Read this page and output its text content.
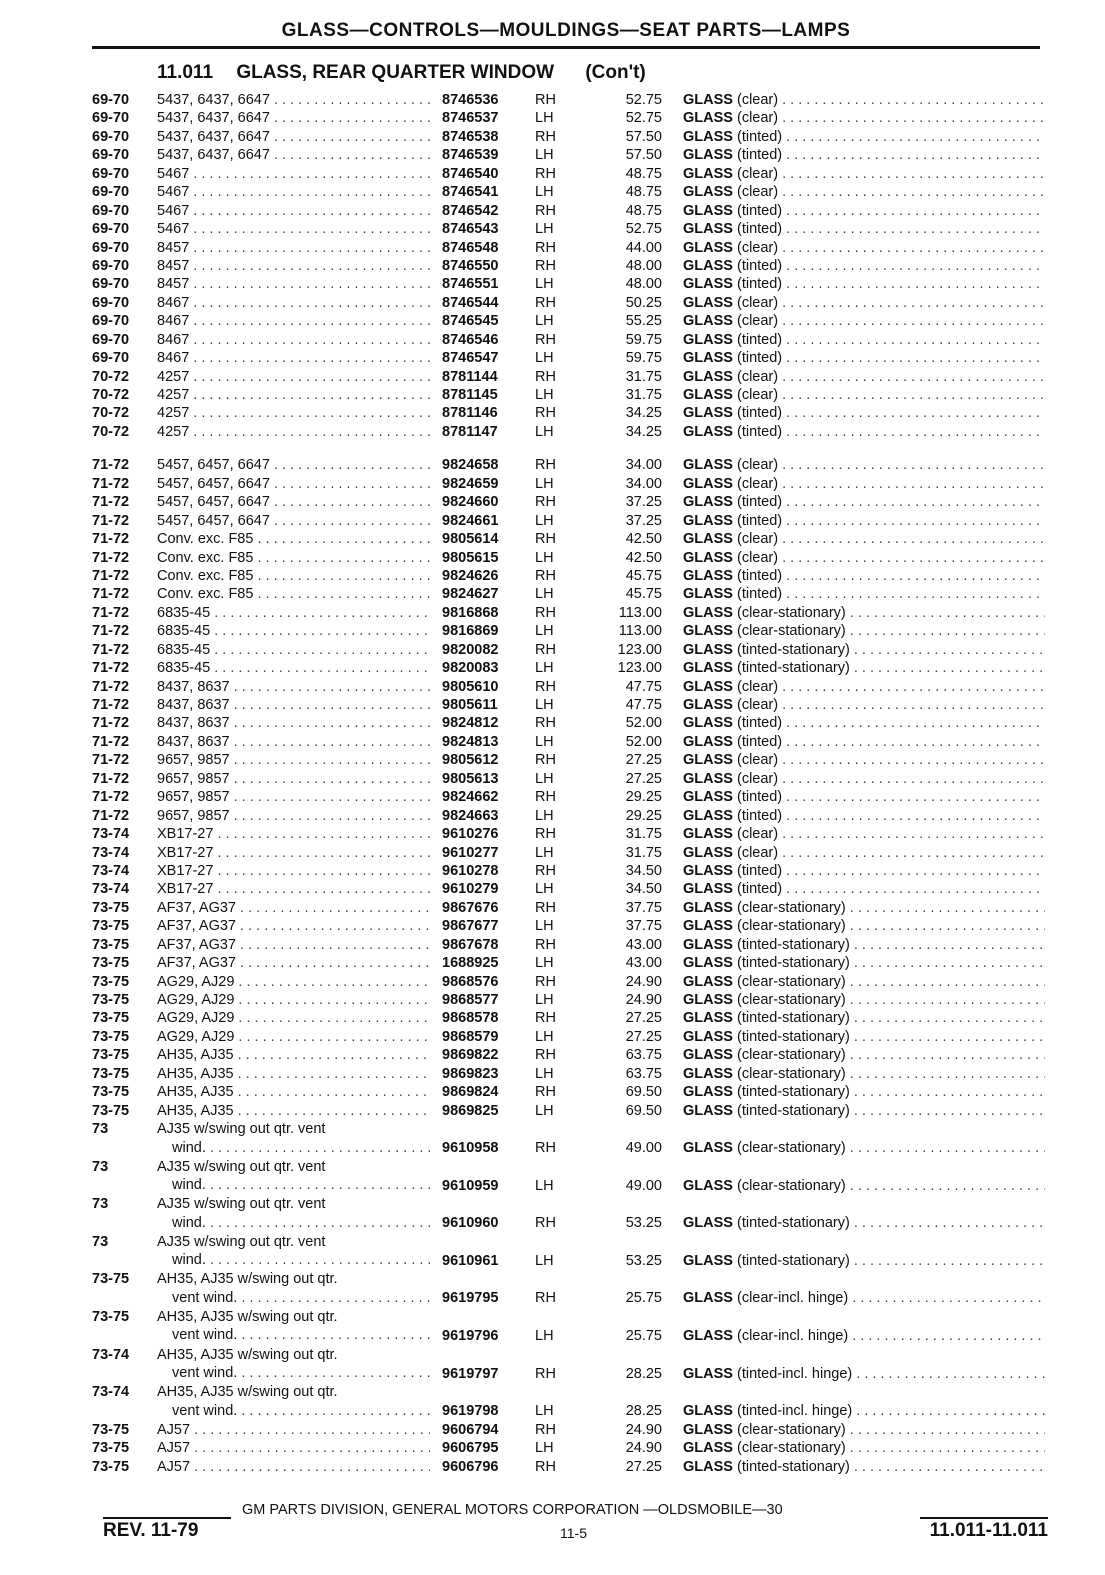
GLASS—CONTROLS—MOULDINGS—SEAT PARTS—LAMPS
11.011 GLASS, REAR QUARTER WINDOW (Con't)
69-70 5437, 6437, 6647 . . .	8746536	RH	52.75 GLASS (clear) . . .
69-70 5437, 6437, 6647 . . .	8746537	LH	52.75 GLASS (clear) . . .
69-70 5437, 6437, 6647 . . .	8746538	RH	57.50 GLASS (tinted) . . .
69-70 5437, 6437, 6647 . . .	8746539	LH	57.50 GLASS (tinted) . . .
69-70 5467 . . .	8746540	RH	48.75 GLASS (clear) . . .
69-70 5467 . . .	8746541	LH	48.75 GLASS (clear) . . .
69-70 5467 . . .	8746542	RH	48.75 GLASS (tinted) . . .
69-70 5467 . . .	8746543	LH	52.75 GLASS (tinted) . . .
69-70 8457 . . .	8746548	RH	44.00 GLASS (clear) . . .
69-70 8457 . . .	8746550	RH	48.00 GLASS (tinted) . . .
69-70 8457 . . .	8746551	LH	48.00 GLASS (tinted) . . .
69-70 8467 . . .	8746544	RH	50.25 GLASS (clear) . . .
69-70 8467 . . .	8746545	LH	55.25 GLASS (clear) . . .
69-70 8467 . . .	8746546	RH	59.75 GLASS (tinted) . . .
69-70 8467 . . .	8746547	LH	59.75 GLASS (tinted) . . .
70-72 4257 . . .	8781144	RH	31.75 GLASS (clear) . . .
70-72 4257 . . .	8781145	LH	31.75 GLASS (clear) . . .
70-72 4257 . . .	8781146	RH	34.25 GLASS (tinted) . . .
70-72 4257 . . .	8781147	LH	34.25 GLASS (tinted) . . .
71-72 5457, 6457, 6647 . . .	9824658	RH	34.00 GLASS (clear) . . .
71-72 5457, 6457, 6647 . . .	9824659	LH	34.00 GLASS (clear) . . .
71-72 5457, 6457, 6647 . . .	9824660	RH	37.25 GLASS (tinted) . . .
71-72 5457, 6457, 6647 . . .	9824661	LH	37.25 GLASS (tinted) . . .
71-72 Conv. exc. F85 . . .	9805614	RH	42.50 GLASS (clear) . . .
71-72 Conv. exc. F85 . . .	9805615	LH	42.50 GLASS (clear) . . .
71-72 Conv. exc. F85 . . .	9824626	RH	45.75 GLASS (tinted) . . .
71-72 Conv. exc. F85 . . .	9824627	LH	45.75 GLASS (tinted) . . .
71-72 6835-45 . . .	9816868	RH	113.00 GLASS (clear-stationary) . . .
71-72 6835-45 . . .	9816869	LH	113.00 GLASS (clear-stationary) . . .
71-72 6835-45 . . .	9820082	RH	123.00 GLASS (tinted-stationary) . . .
71-72 6835-45 . . .	9820083	LH	123.00 GLASS (tinted-stationary) . . .
71-72 8437, 8637 . . .	9805610	RH	47.75 GLASS (clear) . . .
71-72 8437, 8637 . . .	9805611	LH	47.75 GLASS (clear) . . .
71-72 8437, 8637 . . .	9824812	RH	52.00 GLASS (tinted) . . .
71-72 8437, 8637 . . .	9824813	LH	52.00 GLASS (tinted) . . .
71-72 9657, 9857 . . .	9805612	RH	27.25 GLASS (clear) . . .
71-72 9657, 9857 . . .	9805613	LH	27.25 GLASS (clear) . . .
71-72 9657, 9857 . . .	9824662	RH	29.25 GLASS (tinted) . . .
71-72 9657, 9857 . . .	9824663	LH	29.25 GLASS (tinted) . . .
73-74 XB17-27 . . .	9610276	RH	31.75 GLASS (clear) . . .
73-74 XB17-27 . . .	9610277	LH	31.75 GLASS (clear) . . .
73-74 XB17-27 . . .	9610278	RH	34.50 GLASS (tinted) . . .
73-74 XB17-27 . . .	9610279	LH	34.50 GLASS (tinted) . . .
73-75 AF37, AG37 . . .	9867676	RH	37.75 GLASS (clear-stationary) . . .
73-75 AF37, AG37 . . .	9867677	LH	37.75 GLASS (clear-stationary) . . .
73-75 AF37, AG37 . . .	9867678	RH	43.00 GLASS (tinted-stationary) . . .
73-75 AF37, AG37 . . .	1688925	LH	43.00 GLASS (tinted-stationary) . . .
73-75 AG29, AJ29 . . .	9868576	RH	24.90 GLASS (clear-stationary) . . .
73-75 AG29, AJ29 . . .	9868577	LH	24.90 GLASS (clear-stationary) . . .
73-75 AG29, AJ29 . . .	9868578	RH	27.25 GLASS (tinted-stationary) . . .
73-75 AG29, AJ29 . . .	9868579	LH	27.25 GLASS (tinted-stationary) . . .
73-75 AH35, AJ35 . . .	9869822	RH	63.75 GLASS (clear-stationary) . . .
73-75 AH35, AJ35 . . .	9869823	LH	63.75 GLASS (clear-stationary) . . .
73-75 AH35, AJ35 . . .	9869824	RH	69.50 GLASS (tinted-stationary) . . .
73-75 AH35, AJ35 . . .	9869825	LH	69.50 GLASS (tinted-stationary) . . .
73	AJ35 w/swing out qtr. vent
wind. . . .	9610958	RH	49.00 GLASS (clear-stationary) . . .
73	AJ35 w/swing out qtr. vent
wind. . . .	9610959	LH	49.00 GLASS (clear-stationary) . . .
73	AJ35 w/swing out qtr. vent
wind. . . .	9610960	RH	53.25 GLASS (tinted-stationary) . . .
73	AJ35 w/swing out qtr. vent
wind. . . .	9610961	LH	53.25 GLASS (tinted-stationary) . . .
73-75 AH35, AJ35 w/swing out qtr.
vent wind. . . .	9619795	RH	25.75 GLASS (clear-incl. hinge) . . .
73-75 AH35, AJ35 w/swing out qtr.
vent wind. . . .	9619796	LH	25.75 GLASS (clear-incl. hinge) . . .
73-74 AH35, AJ35 w/swing out qtr.
vent wind. . . .	9619797	RH	28.25 GLASS (tinted-incl. hinge) . . .
73-74 AH35, AJ35 w/swing out qtr.
vent wind. . . .	9619798	LH	28.25 GLASS (tinted-incl. hinge) . . .
73-75 AJ57 . . .	9606794	RH	24.90 GLASS (clear-stationary) . . .
73-75 AJ57 . . .	9606795	LH	24.90 GLASS (clear-stationary) . . .
73-75 AJ57 . . .	9606796	RH	27.25 GLASS (tinted-stationary) . . .
GM PARTS DIVISION, GENERAL MOTORS CORPORATION —OLDSMOBILE—30
REV. 11-79	11-5	11.011-11.011
